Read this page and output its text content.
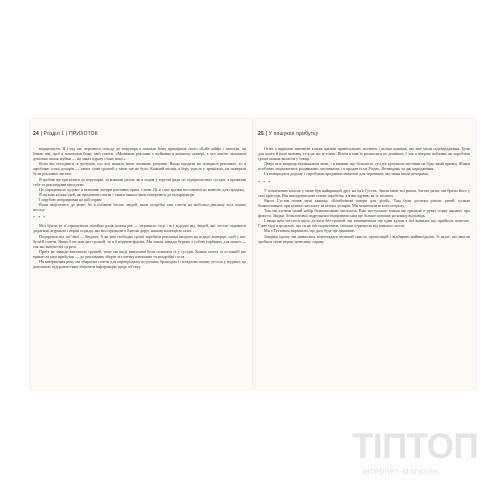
24 | Розділ 1 | ПРИХОТОК

відщипнути. Я і під час чергового походу до перукаря я показав йому примірник свого «Бойз-лайф» і запитав, чи бажає він, щоб я показував йому свої газети. «Малюнок реклами з жуйками в кожному номері, а хто захоче замовити декілька пачок жуйки — на заказ одразу стане мені.»

Коли він погодився, я зрозумів, що хоч нажаль мене частково розумію. Якщо продати на чотирьох рекламах, то я заробляю сотні доларів — таких суми грошей у мене ще не було. Кожний місяць я беру участь у тренінгах, на поверхні були рекламні листки.

Я зробив ще три візити до перукарні, за кожним разом, як я ходив у торгові ряди по підприємствах сусідів, я проявляв себе та рекламував продукти.

Це спрацювало чудово: я залишив чотири рекламні прим. з мені. Ці ж самі зразки поставлені на комісію для продажу.

Я шукаю кілька ідей, як продавати газети і таким чином знов повертався до підприємців.

І зарубаю попрацював на цій справі.

Вони звертались до мене, бо я побачив багато людей, яким потрібні такі газети на мобільні рекламу всіх інших послуг.

* * *

Мої брати та я отримували мільйон разів кожен рік — отримали тоді і всі відгуки від людей, які хотіли отримати додаткові журнали і перші поради, які ми отримали в Ентоні дарує нашою колекцією газет.

Подарунок від тат'ової — бюджет. А як вам свободно гроші заробити рекламні витрати на підкуп комерції, щоб у нас були й газети. Якщо б не мав цих грошей, то я б втратив фунтів. Ми також завжди беремо з собою торбинку для монет — так ми знаємо всі ці речі.

Проте не завжди вистачало грошей, тому ми іноді вимушені були позичати їх у сусідів. Кожна газета за останній рік принесла нам прибуток — до рекламних зборів за газетну кампанію та роздрібні гасла.

На завершення року ми збираємо газети для перепродажу по ручних брошурах і складаємо кожну деталь у журнал; це допомагає підприємствам зберігати інформацію щодо об'єкту.

25 | У пошуках прибутку

Отже я вирішив замовити кілька зразків привітальних листівок і кілька книжок, які вже мали підтвердження. Були для цього й інші мотиви, та я не міг встояти. Потім я мав їх розносити по домівках, і так я вперше побачив, як зароблені гроші можна вкласти у товар.

Двері всіх квартир відчинялися мені, і я виявив, що більшість сусідів купували листівки на будь-який привід. Жінки особливо зацікавились різдвяними листівками, і я продав їх на Різдво, Великдень та дні народження.

І я повернувся додому і спробував продавати мішечки для черевиків, які мама шила вечорами.

* * *

У початкових класах у мене був найкращий друг на ім'я Густав. Звали мене всі разом, багато разів, ми брали його у свої пригоди. Він вигадував нові схеми заробітку, а я вигадував, як їх втілити.

Якось Густав почав мені книжку «Бомбочкові товари для дітей». Там були десятки різних речей, цілком безкоштовних при купівлі каталогу за кілька доларів. Ми замовляли всього потроху.

Тож ми купили цілий набір безкоштовних каталогів. Вже наступного тижня ми тримали в руках тонку книжку про фокуси. Звідки, безкоштовні підручники відправили нам ще більше купонів на кожну відповідь.

І якщо нам хотілося щось дістати без грошей, ми заповнювали ще один купон з тієї книжки, що прийшла поштою. Саме тоді я зрозумів, що ти не міг порахувати, скільки отримуєш від кожного листа.

Ми з Густавом вирішили, що далі буде ще цікавіше.

Завдяки цьому ми навчились переглядати великий список пропозицій і відбирати найвигідніші. Із нього ми змогли зробити свою першу невелику справу.

ТІПТОП
інтернет-магазин
